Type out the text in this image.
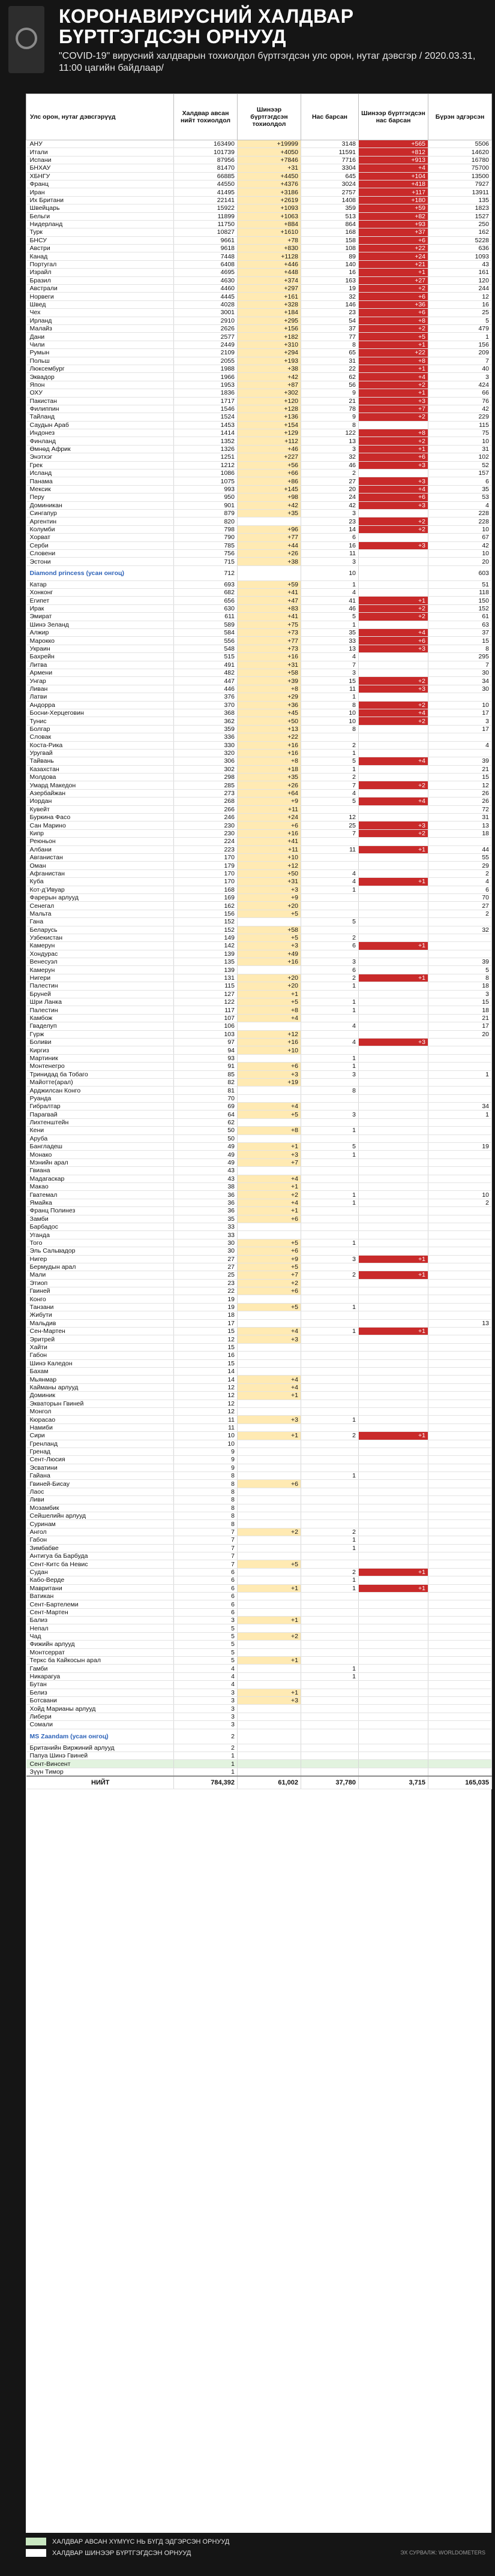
КОРОНАВИРУСНИЙ ХАЛДВАР БҮРТГЭГДСЭН ОРНУУД
"COVID-19" вирусний халдварын тохиолдол бүртгэгдсэн улс орон, нутаг дэвсгэр / 2020.03.31, 11:00 цагийн байдлаар/
Улс орон, нутаг дэвсгэрүүд	Халдвар авсан нийт тохиолдол	Шинээр бүртгэгдсэн тохиолдол	Нас барсан	Шинээр бүртгэгдсэн нас барсан	Бүрэн эдгэрсэн
АНУ	163490	+19999	3148	+565	5506
Итали	101739	+4050	11591	+812	14620
Испани	87956	+7846	7716	+913	16780
БНХАУ	81470	+31	3304	+4	75700
ХБНГУ	66885	+4450	645	+104	13500
Франц	44550	+4376	3024	+418	7927
Иран	41495	+3186	2757	+117	13911
Их Британи	22141	+2619	1408	+180	135
Швейцарь	15922	+1093	359	+59	1823
Бельги	11899	+1063	513	+82	1527
Нидерланд	11750	+884	864	+93	250
Турк	10827	+1610	168	+37	162
БНСУ	9661	+78	158	+6	5228
Австри	9618	+830	108	+22	636
Канад	7448	+1128	89	+24	1093
Португал	6408	+446	140	+21	43
Израйл	4695	+448	16	+1	161
Бразил	4630	+374	163	+27	120
Австрали	4460	+297	19	+2	244
Норвеги	4445	+161	32	+6	12
Швед	4028	+328	146	+36	16
Чех	3001	+184	23	+6	25
Ирланд	2910	+295	54	+8	5
Малайз	2626	+156	37	+2	479
Дани	2577	+182	77	+5	1
Чили	2449	+310	8	+1	156
Румын	2109	+294	65	+22	209
Польш	2055	+193	31	+8	7
Люксембург	1988	+38	22	+1	40
Эквадор	1966	+42	62	+4	3
Япон	1953	+87	56	+2	424
ОХУ	1836	+302	9	+1	66
Пакистан	1717	+120	21	+3	76
Филиппин	1546	+128	78	+7	42
Тайланд	1524	+136	9	+2	229
Саудын Араб	1453	+154	8		115
Индонез	1414	+129	122	+8	75
Финланд	1352	+112	13	+2	10
Өмнөд Африк	1326	+46	3	+1	31
Энэтхэг	1251	+227	32	+6	102
Грек	1212	+56	46	+3	52
Исланд	1086	+66	2		157
Панама	1075	+86	27	+3	6
Мексик	993	+145	20	+4	35
Перу	950	+98	24	+6	53
Доминикан	901	+42	42	+3	4
Сингапур	879	+35	3		228
Аргентин	820		23	+2	228
Колумби	798	+96	14	+2	10
Хорват	790	+77	6		67
Серби	785	+44	16	+3	42
Словени	756	+26	11		10
Эстони	715	+38	3		20
Diamond princess (усан онгоц)	712		10		603
Катар	693	+59	1		51
Хонконг	682	+41	4		118
Египет	656	+47	41	+1	150
Ирак	630	+83	46	+2	152
Эмират	611	+41	5	+2	61
Шинэ Зеланд	589	+75	1		63
Алжир	584	+73	35	+4	37
Мароккo	556	+77	33	+6	15
Украин	548	+73	13	+3	8
Бахрейн	515	+16	4		295
Литва	491	+31	7		7
Армени	482	+58	3		30
Унгар	447	+39	15	+2	34
Ливан	446	+8	11	+3	30
Латви	376	+29	1		
Андорра	370	+36	8	+2	10
Босни-Херцеговин	368	+45	10	+4	17
Тунис	362	+50	10	+2	3
Болгар	359	+13	8		17
Словак	336	+22			
Коста-Рика	330	+16	2		4
Уругвай	320	+16	1		
Тайвань	306	+8	5	+4	39
Казахстан	302	+18	1		21
Молдова	298	+35	2		15
Умард Македон	285	+26	7	+2	12
Азербайжан	273	+64	4		26
Иордан	268	+9	5	+4	26
Кувейт	266	+11			72
Буркина Фасо	246	+24	12		31
Сан Марино	230	+6	25	+3	13
Кипр	230	+16	7	+2	18
Реюньон	224	+41			
Албани	223	+11	11	+1	44
Авганистан	170	+10			55
Оман	179	+12			29
Афганистан	170	+50	4		2
Куба	170	+31	4	+1	4
Кот-д’Ивуар	168	+3	1		6
Фарерын арлууд	169	+9			70
Сенегал	162	+20			27
Мальта	156	+5			2
Гана	152		5		
Беларусь	152	+58			32
Узбекистан	149	+5	2		
Камерун	142	+3	6	+1	
Хондурас	139	+49			
Венесуэл	135	+16	3		39
Камерун	139		6		5
Нигери	131	+20	2	+1	8
Палестин	115	+20	1		18
Бруней	127	+1			3
Шри Ланка	122	+5	1		15
Палестин	117	+8	1		18
Камбож	107	+4			21
Гваделуп	106		4		17
Гүрж	103	+12			20
Боливи	97	+16	4	+3	
Киргиз	94	+10			
Мартиник	93		1		
Монтенегро	91	+6	1		
Тринидад ба Тобаго	85	+3	3		1
Майотте(арал)	82	+19			
Арджилсан Конго	81		8		
Руанда	70				
Гибралтар	69	+4			34
Парагвай	64	+5	3		1
Лихтенштейн	62				
Кени	50	+8	1		
Аруба	50				
Бангладеш	49	+1	5		19
Монако	49	+3	1		
Мэнийн арал	49	+7			
Гвиана	43				
Мадагаскар	43	+4			
Макао	38	+1			
Гватемал	36	+2	1		10
Ямайка	36	+4	1		2
Франц Полинез	36	+1			
Замби	35	+6			
Барбадос	33				
Уганда	33				
Того	30	+5	1		
Эль Сальвадор	30	+6			
Нигер	27	+9	3	+1	
Бермудын арал	27	+5			
Мали	25	+7	2	+1	
Этиоп	23	+2			
Гвиней	22	+6			
Конго	19				
Танзани	19	+5	1		
Жибути	18				
Мальдив	17				13
Сен-Мартен	15	+4	1	+1	
Эритрей	12	+3			
Хайти	15				
Габон	16				
Шинэ Каледон	15				
Бахам	14				
Мьянмар	14	+4			
Кайманы арлууд	12	+4			
Доминик	12	+1			
Экваторын Гвиней	12				
Монгол	12				
Кюрасао	11	+3	1		
Намиби	11				
Сири	10	+1	2	+1	
Гренланд	10				
Гренад	9				
Сент-Люсия	9				
Эсватини	9				
Гайана	8		1		
Гвиней-Бисау	8	+6			
Лаос	8				
Ливи	8				
Мозамбик	8				
Сейшелийн арлууд	8				
Суринам	8				
Ангол	7	+2	2		
Габон	7		1		
Зимбабве	7		1		
Антигуа ба Барбуда	7				
Сент-Китс ба Невис	7	+5			
Судан	6		2	+1	
Кабо-Верде	6		1		
Мавритани	6	+1	1	+1	
Ватикан	6				
Сент-Бартелеми	6				
Сент-Мартен	6				
Бализ	3	+1			
Непал	5				
Чад	5	+2			
Фижийн арлууд	5				
Монтсеррат	5				
Теркс ба Кайкосын арал	5	+1			
Гамби	4		1		
Никарагуа	4		1		
Бутан	4				
Белиз	3	+1			
Ботсвани	3	+3			
Хойд Марианы арлууд	3				
Либери	3				
Сомали	3				
MS Zaandam (усан онгоц)	2				
Британийн Виржиний арлууд	2				
Папуа Шинэ Гвиней	1				
Сент-Винсент	1				
Зүүн Тимор	1				
НИЙТ	784,392	61,002	37,780	3,715	165,035
ХАЛДВАР АВСАН ХҮМҮҮС НЬ БҮГД ЭДГЭРСЭН ОРНУУД
ХАЛДВАР ШИНЭЭР БҮРТГЭГДСЭН ОРНУУД	ЭХ СУРВАЛЖ: WORLDOMETERS
